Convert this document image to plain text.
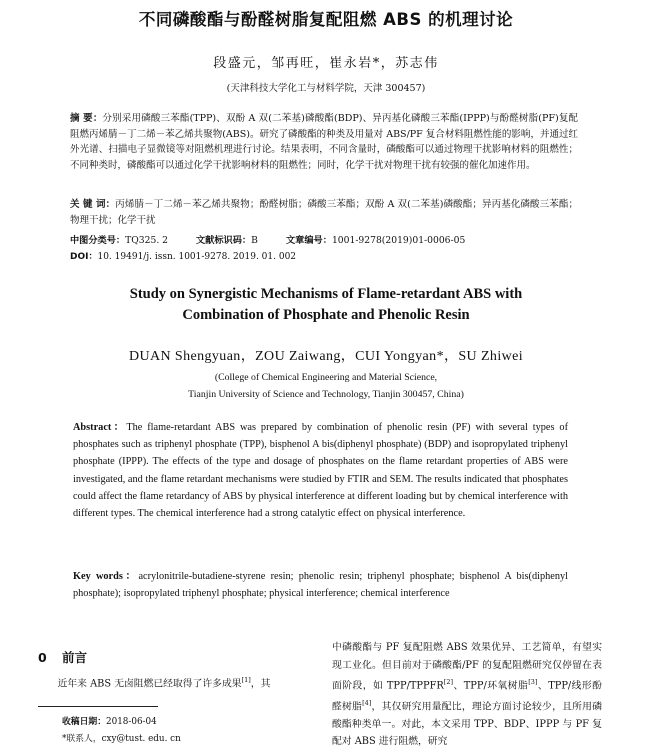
不同磷酸酯与酚醛树脂复配阻燃 ABS 的机理讨论
段盛元，邹再旺，崔永岩*，苏志伟
(天津科技大学化工与材料学院，天津 300457)
摘 要：分别采用磷酸三苯酯(TPP)、双酚 A 双(二苯基)磷酸酯(BDP)、异丙基化磷酸三苯酯(IPPP)与酚醛树脂(PF)复配阻燃丙烯腈－丁二烯－苯乙烯共聚物(ABS)。研究了磷酸酯的种类及用量对 ABS/PF 复合材料阻燃性能的影响，并通过红外光谱、扫描电子显微镜等对阻燃机理进行讨论。结果表明，不同含量时，磷酸酯可以通过物理干扰影响材料的阻燃性；不同种类时，磷酸酯可以通过化学干扰影响材料的阻燃性；同时，化学干扰对物理干扰有较强的催化加速作用。
关 键 词：丙烯腈－丁二烯－苯乙烯共聚物；酚醛树脂；磷酸三苯酯；双酚 A 双(二苯基)磷酸酯；异丙基化磷酸三苯酯；物理干扰；化学干扰
中图分类号：TQ325. 2	文献标识码：B	文章编号：1001-9278(2019)01-0006-05
DOI：10. 19491/j. issn. 1001-9278. 2019. 01. 002
Study on Synergistic Mechanisms of Flame-retardant ABS with
Combination of Phosphate and Phenolic Resin
DUAN Shengyuan，ZOU Zaiwang，CUI Yongyan*，SU Zhiwei
(College of Chemical Engineering and Material Science,
Tianjin University of Science and Technology, Tianjin 300457, China)
Abstract：The flame-retardant ABS was prepared by combination of phenolic resin (PF) with several types of phosphates such as triphenyl phosphate (TPP), bisphenol A bis(diphenyl phosphate) (BDP) and isopropylated triphenyl phosphate (IPPP). The effects of the type and dosage of phosphates on the flame retardant properties of ABS were investigated, and the flame retardant mechanisms were studied by FTIR and SEM. The results indicated that phosphates could affect the flame retardancy of ABS by physical interference at different loading but by chemical interference with different types. The chemical interference had a strong catalytic effect on physical interference.
Key words：acrylonitrile-butadiene-styrene resin; phenolic resin; triphenyl phosphate; bisphenol A bis(diphenyl phosphate); isopropylated triphenyl phosphate; physical interference; chemical interference
0 前言
近年来 ABS 无卤阻燃已经取得了许多成果[1]，其
收稿日期：2018-06-04
*联系人，cxy@tust. edu. cn
中磷酸酯与 PF 复配阻燃 ABS 效果优异、工艺简单，有望实现工业化。但目前对于磷酸酯/PF 的复配阻燃研究仅停留在表面阶段，如 TPP/TPPFR[2]、TPP/环氧树脂[3]、TPP/线形酚醛树脂[4]，其仅研究用量配比，理论方面讨论较少，且所用磷酸酯种类单一。对此，本文采用 TPP、BDP、IPPP 与 PF 复配对 ABS 进行阻燃，研究
